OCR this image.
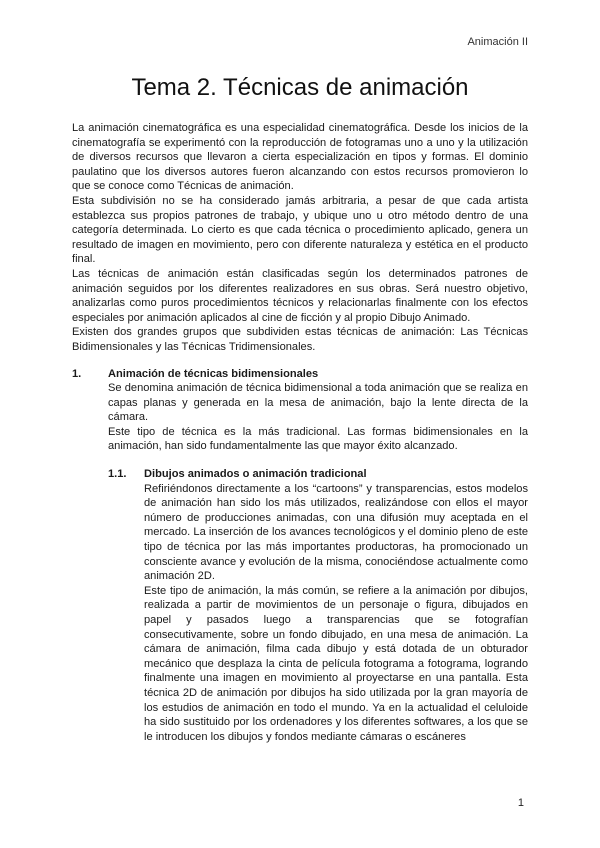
Animación II
Tema 2. Técnicas de animación

La animación cinematográfica es una especialidad cinematográfica. Desde los inicios de la cinematografía se experimentó con la reproducción de fotogramas uno a uno y la utilización de diversos recursos que llevaron a cierta especialización en tipos y formas. El dominio paulatino que los diversos autores fueron alcanzando con estos recursos promovieron lo que se conoce como Técnicas de animación.

Esta subdivisión no se ha considerado jamás arbitraria, a pesar de que cada artista establezca sus propios patrones de trabajo, y ubique uno u otro método dentro de una categoría determinada. Lo cierto es que cada técnica o procedimiento aplicado, genera un resultado de imagen en movimiento, pero con diferente naturaleza y estética en el producto final.

Las técnicas de animación están clasificadas según los determinados patrones de animación seguidos por los diferentes realizadores en sus obras. Será nuestro objetivo, analizarlas como puros procedimientos técnicos y relacionarlas finalmente con los efectos especiales por animación aplicados al cine de ficción y al propio Dibujo Animado.

Existen dos grandes grupos que subdividen estas técnicas de animación: Las Técnicas Bidimensionales y las Técnicas Tridimensionales.

1.	Animación de técnicas bidimensionales

Se denomina animación de técnica bidimensional a toda animación que se realiza en capas planas y generada en la mesa de animación, bajo la lente directa de la cámara.

Este tipo de técnica es la más tradicional. Las formas bidimensionales en la animación, han sido fundamentalmente las que mayor éxito alcanzado.

1.1.	Dibujos animados o animación tradicional

Refiriéndonos directamente a los “cartoons” y transparencias, estos modelos de animación han sido los más utilizados, realizándose con ellos el mayor número de producciones animadas, con una difusión muy aceptada en el mercado. La inserción de los avances tecnológicos y el dominio pleno de este tipo de técnica por las más importantes productoras, ha promocionado un consciente avance y evolución de la misma, conociéndose actualmente como animación 2D.

Este tipo de animación, la más común, se refiere a la animación por dibujos, realizada a partir de movimientos de un personaje o figura, dibujados en papel y pasados luego a transparencias que se fotografían consecutivamente, sobre un fondo dibujado, en una mesa de animación. La cámara de animación, filma cada dibujo y está dotada de un obturador mecánico que desplaza la cinta de película fotograma a fotograma, logrando finalmente una imagen en movimiento al proyectarse en una pantalla. Esta técnica 2D de animación por dibujos ha sido utilizada por la gran mayoría de los estudios de animación en todo el mundo. Ya en la actualidad el celuloide ha sido sustituido por los ordenadores y los diferentes softwares, a los que se le introducen los dibujos y fondos mediante cámaras o escáneres

1
